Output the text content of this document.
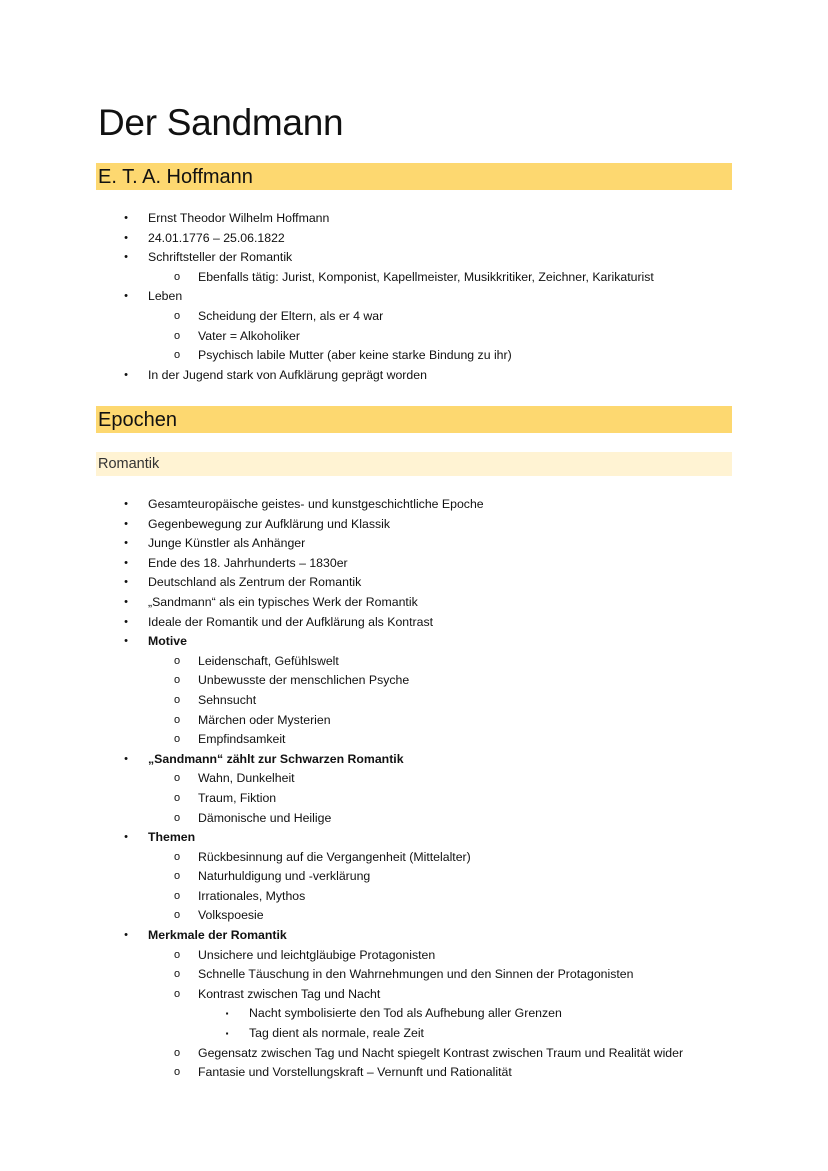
Der Sandmann
E. T. A. Hoffmann
•	Ernst Theodor Wilhelm Hoffmann
•	24.01.1776 – 25.06.1822
•	Schriftsteller der Romantik
o	Ebenfalls tätig: Jurist, Komponist, Kapellmeister, Musikkritiker, Zeichner, Karikaturist
•	Leben
o	Scheidung der Eltern, als er 4 war
o	Vater = Alkoholiker
o	Psychisch labile Mutter (aber keine starke Bindung zu ihr)
•	In der Jugend stark von Aufklärung geprägt worden
Epochen
Romantik
•	Gesamteuropäische geistes- und kunstgeschichtliche Epoche
•	Gegenbewegung zur Aufklärung und Klassik
•	Junge Künstler als Anhänger
•	Ende des 18. Jahrhunderts – 1830er
•	Deutschland als Zentrum der Romantik
•	„Sandmann“ als ein typisches Werk der Romantik
•	Ideale der Romantik und der Aufklärung als Kontrast
•	Motive
o	Leidenschaft, Gefühlswelt
o	Unbewusste der menschlichen Psyche
o	Sehnsucht
o	Märchen oder Mysterien
o	Empfindsamkeit
•	„Sandmann“ zählt zur Schwarzen Romantik
o	Wahn, Dunkelheit
o	Traum, Fiktion
o	Dämonische und Heilige
•	Themen
o	Rückbesinnung auf die Vergangenheit (Mittelalter)
o	Naturhuldigung und -verklärung
o	Irrationales, Mythos
o	Volkspoesie
•	Merkmale der Romantik
o	Unsichere und leichtgläubige Protagonisten
o	Schnelle Täuschung in den Wahrnehmungen und den Sinnen der Protagonisten
o	Kontrast zwischen Tag und Nacht
▪	Nacht symbolisierte den Tod als Aufhebung aller Grenzen
▪	Tag dient als normale, reale Zeit
o	Gegensatz zwischen Tag und Nacht spiegelt Kontrast zwischen Traum und Realität wider
o	Fantasie und Vorstellungskraft – Vernunft und Rationalität
